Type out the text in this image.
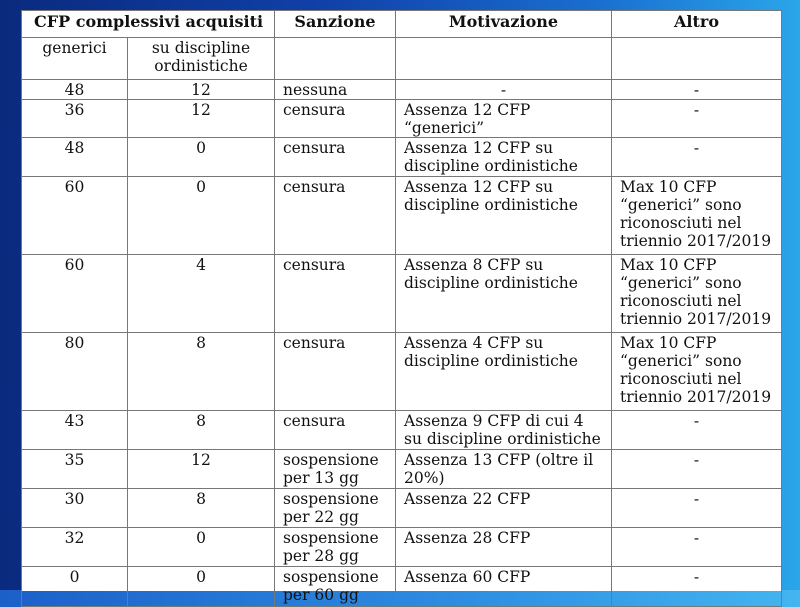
CFP complessivi acquisiti		Sanzione	Motivazione	Altro
generici	su discipline ordinistiche			
48	12	nessuna	-	-
36	12	censura	Assenza 12 CFP “generici”	-
48	0	censura	Assenza 12 CFP su discipline ordinistiche	-
60	0	censura	Assenza 12 CFP su discipline ordinistiche	Max 10 CFP “generici” sono riconosciuti nel triennio 2017/2019
60	4	censura	Assenza 8 CFP su discipline ordinistiche	Max 10 CFP “generici” sono riconosciuti nel triennio 2017/2019
80	8	censura	Assenza 4 CFP su discipline ordinistiche	Max 10 CFP “generici” sono riconosciuti nel triennio 2017/2019
43	8	censura	Assenza 9 CFP di cui 4 su discipline ordinistiche	-
35	12	sospensione per 13 gg	Assenza 13 CFP (oltre il 20%)	-
30	8	sospensione per 22 gg	Assenza 22 CFP	-
32	0	sospensione per 28 gg	Assenza 28 CFP	-
0	0	sospensione per 60 gg	Assenza 60 CFP	-
